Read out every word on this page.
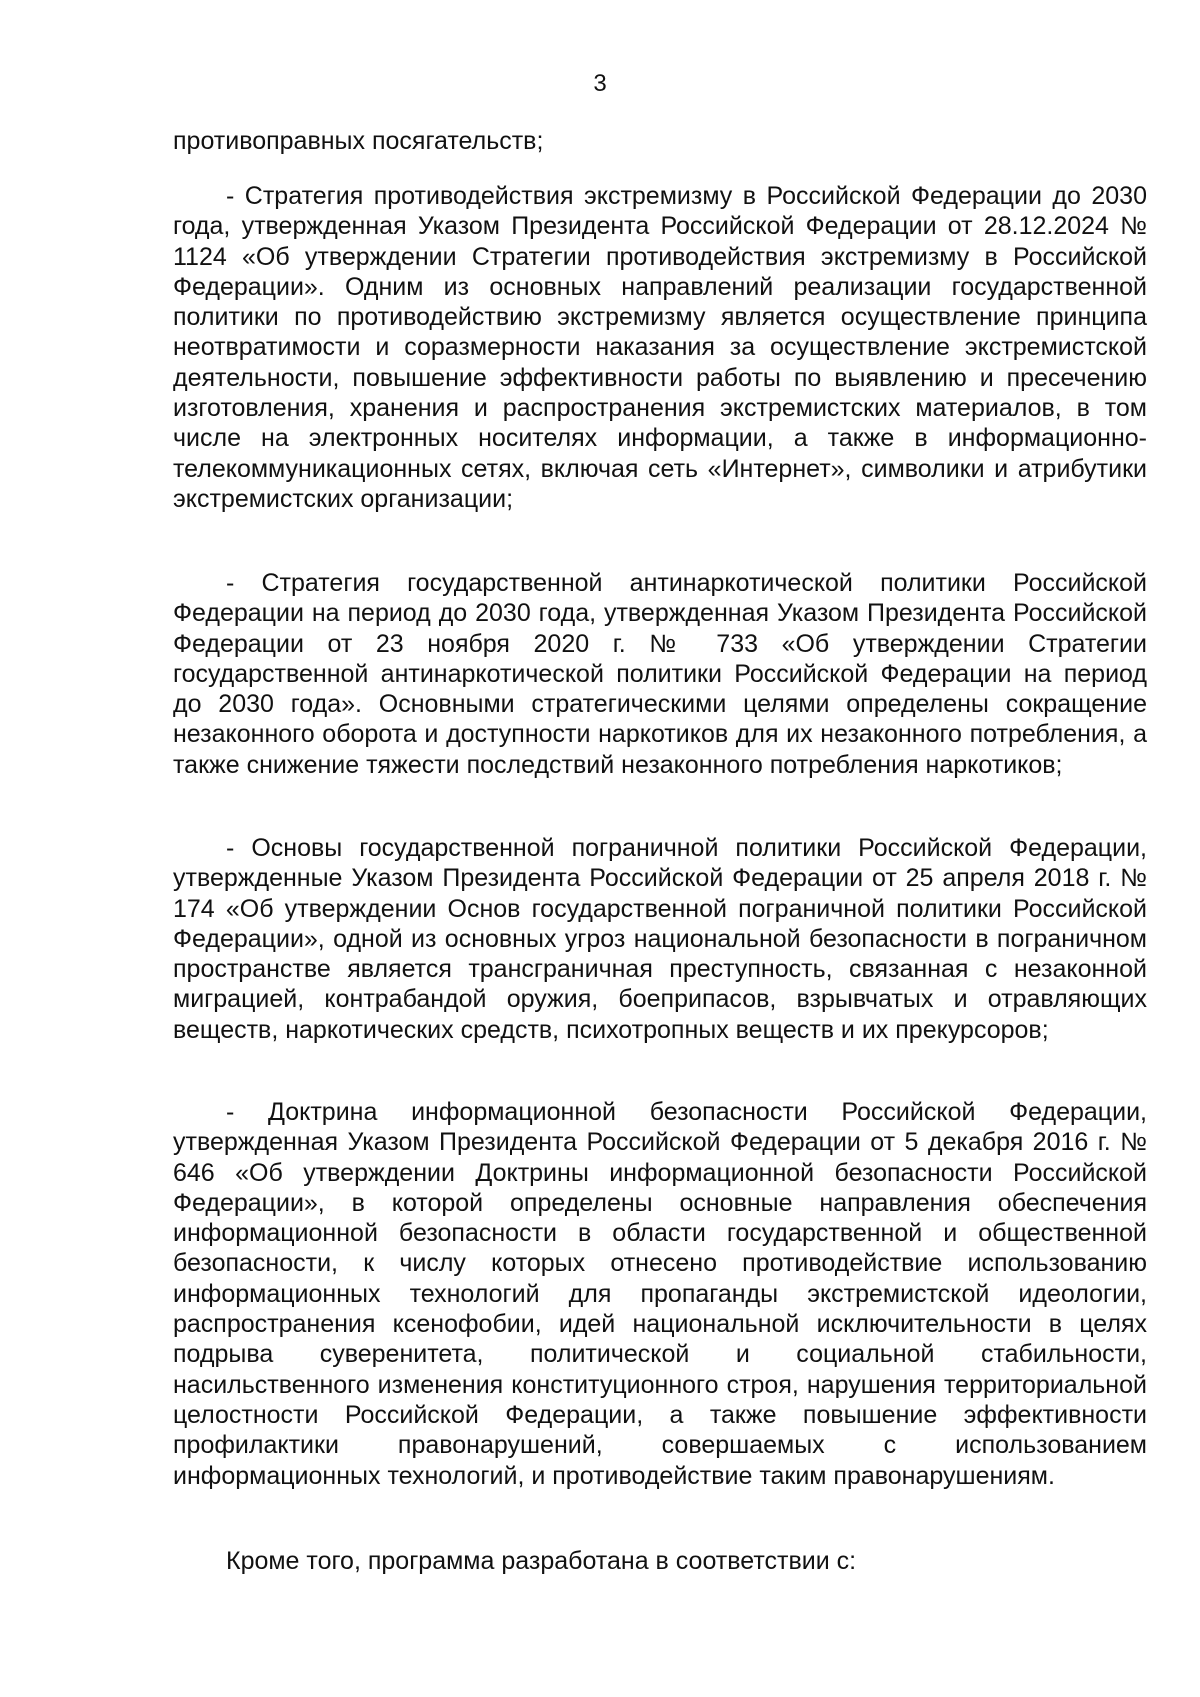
3

противоправных посягательств;

- Стратегия противодействия экстремизму в Российской Федерации до 2030 года, утвержденная Указом Президента Российской Федерации от 28.12.2024 № 1124 «Об утверждении Стратегии противодействия экстремизму в Российской Федерации». Одним из основных направлений реализации государственной политики по противодействию экстремизму является осуществление принципа неотвратимости и соразмерности наказания за осуществление экстремистской деятельности, повышение эффективности работы по выявлению и пресечению изготовления, хранения и распространения экстремистских материалов, в том числе на электронных носителях информации, а также в информационно-телекоммуникационных сетях, включая сеть «Интернет», символики и атрибутики экстремистских организации;

- Стратегия государственной антинаркотической политики Российской Федерации на период до 2030 года, утвержденная Указом Президента Российской Федерации от 23 ноября 2020 г. № 733 «Об утверждении Стратегии государственной антинаркотической политики Российской Федерации на период до 2030 года». Основными стратегическими целями определены сокращение незаконного оборота и доступности наркотиков для их незаконного потребления, а также снижение тяжести последствий незаконного потребления наркотиков;

- Основы государственной пограничной политики Российской Федерации, утвержденные Указом Президента Российской Федерации от 25 апреля 2018 г. № 174 «Об утверждении Основ государственной пограничной политики Российской Федерации», одной из основных угроз национальной безопасности в пограничном пространстве является трансграничная преступность, связанная с незаконной миграцией, контрабандой оружия, боеприпасов, взрывчатых и отравляющих веществ, наркотических средств, психотропных веществ и их прекурсоров;

- Доктрина информационной безопасности Российской Федерации, утвержденная Указом Президента Российской Федерации от 5 декабря 2016 г. № 646 «Об утверждении Доктрины информационной безопасности Российской Федерации», в которой определены основные направления обеспечения информационной безопасности в области государственной и общественной безопасности, к числу которых отнесено противодействие использованию информационных технологий для пропаганды экстремистской идеологии, распространения ксенофобии, идей национальной исключительности в целях подрыва суверенитета, политической и социальной стабильности, насильственного изменения конституционного строя, нарушения территориальной целостности Российской Федерации, а также повышение эффективности профилактики правонарушений, совершаемых с использованием информационных технологий, и противодействие таким правонарушениям.

Кроме того, программа разработана в соответствии с:
